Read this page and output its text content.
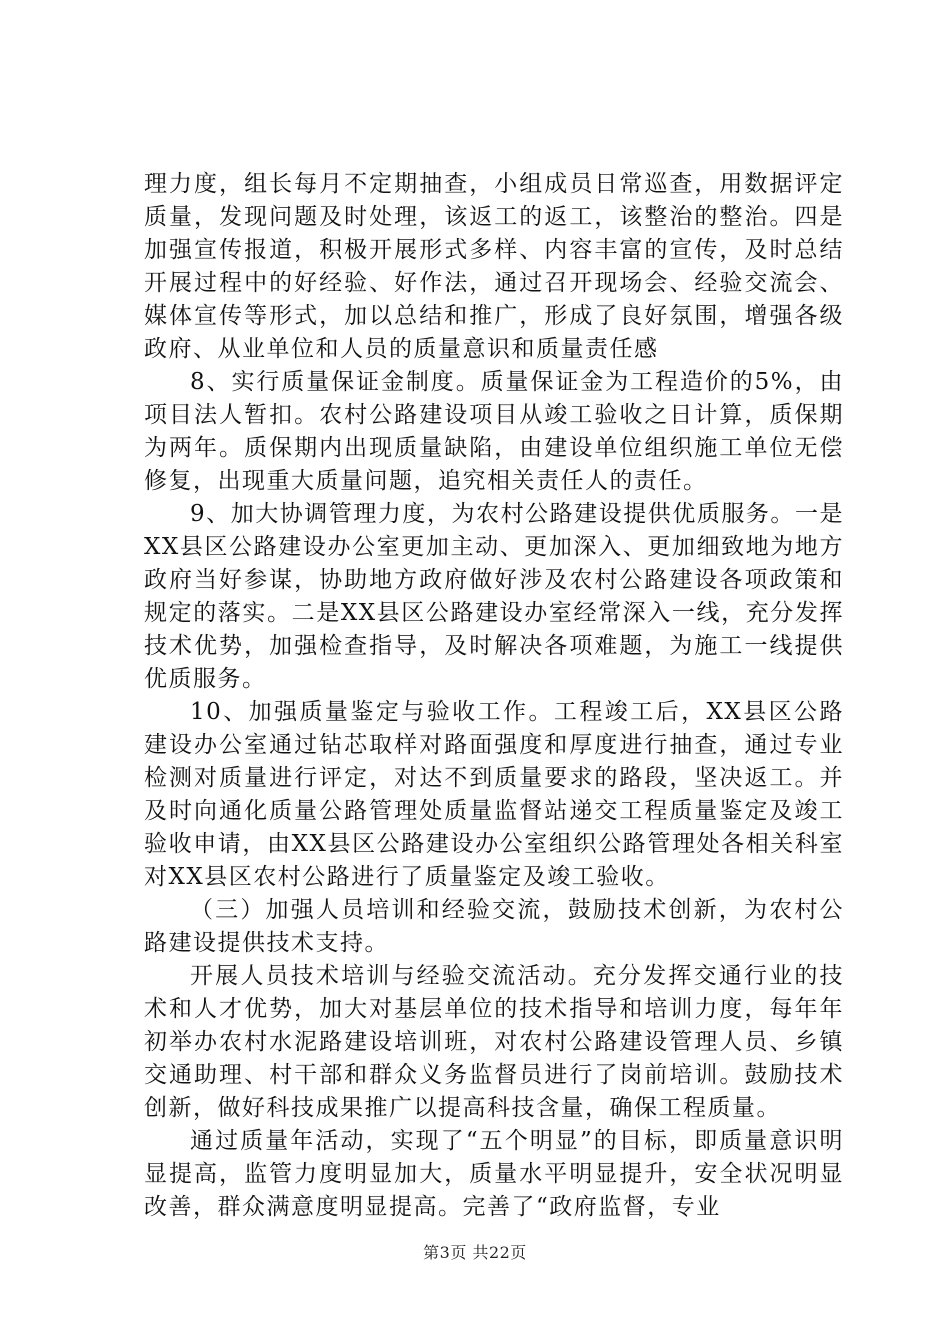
理力度，组长每月不定期抽查，小组成员日常巡查，用数据评定质量，发现问题及时处理，该返工的返工，该整治的整治。四是加强宣传报道，积极开展形式多样、内容丰富的宣传，及时总结开展过程中的好经验、好作法，通过召开现场会、经验交流会、媒体宣传等形式，加以总结和推广，形成了良好氛围，增强各级政府、从业单位和人员的质量意识和质量责任感

8、实行质量保证金制度。质量保证金为工程造价的5%，由项目法人暂扣。农村公路建设项目从竣工验收之日计算，质保期为两年。质保期内出现质量缺陷，由建设单位组织施工单位无偿修复，出现重大质量问题，追究相关责任人的责任。

9、加大协调管理力度，为农村公路建设提供优质服务。一是XX县区公路建设办公室更加主动、更加深入、更加细致地为地方政府当好参谋，协助地方政府做好涉及农村公路建设各项政策和规定的落实。二是XX县区公路建设办室经常深入一线，充分发挥技术优势，加强检查指导，及时解决各项难题，为施工一线提供优质服务。

10、加强质量鉴定与验收工作。工程竣工后，XX县区公路建设办公室通过钻芯取样对路面强度和厚度进行抽查，通过专业检测对质量进行评定，对达不到质量要求的路段，坚决返工。并及时向通化质量公路管理处质量监督站递交工程质量鉴定及竣工验收申请，由XX县区公路建设办公室组织公路管理处各相关科室对XX县区农村公路进行了质量鉴定及竣工验收。

（三）加强人员培训和经验交流，鼓励技术创新，为农村公路建设提供技术支持。

开展人员技术培训与经验交流活动。充分发挥交通行业的技术和人才优势，加大对基层单位的技术指导和培训力度，每年年初举办农村水泥路建设培训班，对农村公路建设管理人员、乡镇交通助理、村干部和群众义务监督员进行了岗前培训。鼓励技术创新，做好科技成果推广以提高科技含量，确保工程质量。

通过质量年活动，实现了“五个明显”的目标，即质量意识明显提高，监管力度明显加大，质量水平明显提升，安全状况明显改善，群众满意度明显提高。完善了“政府监督，专业

第3页 共22页
